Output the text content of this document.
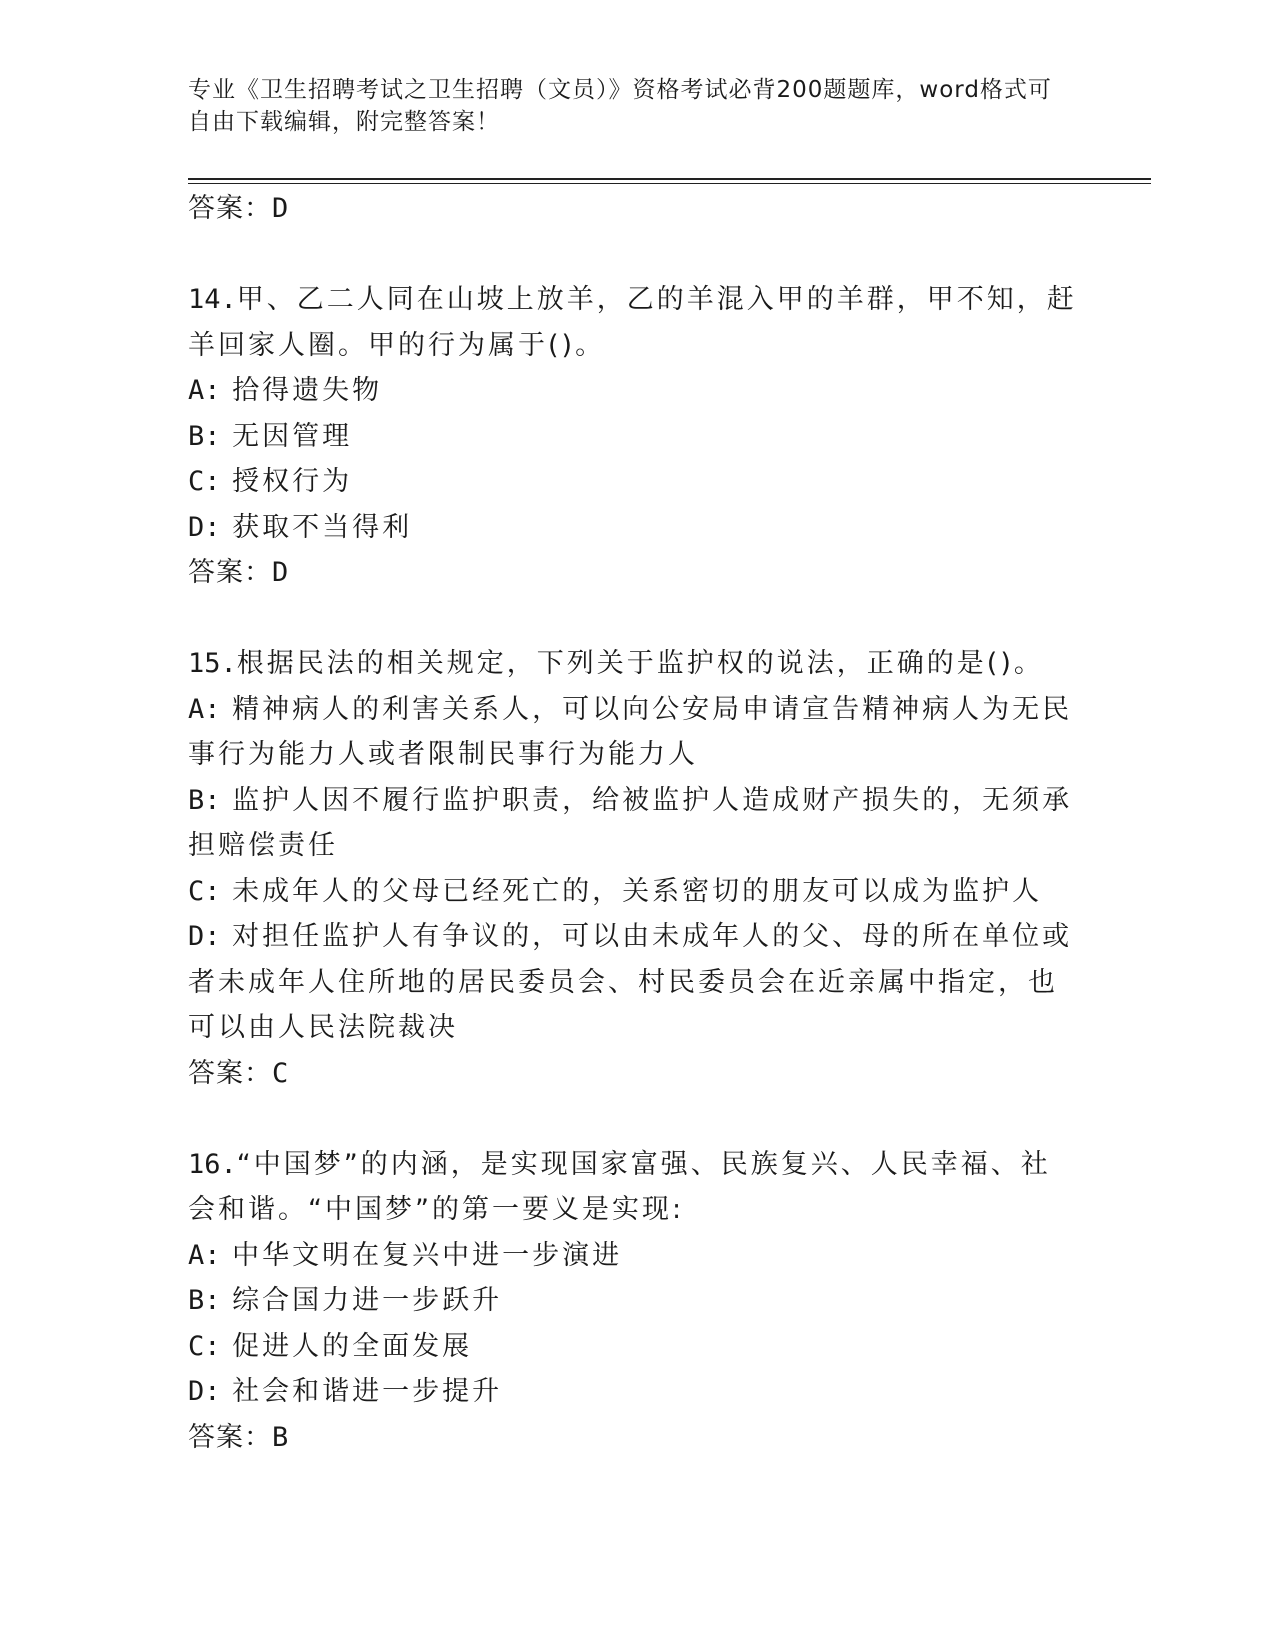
专业《卫生招聘考试之卫生招聘（文员）》资格考试必背200题题库，word格式可自由下载编辑，附完整答案！
答案：D
14.甲、乙二人同在山坡上放羊，乙的羊混入甲的羊群，甲不知，赶羊回家人圈。甲的行为属于()。
A: 拾得遗失物
B: 无因管理
C: 授权行为
D: 获取不当得利
答案：D
15.根据民法的相关规定，下列关于监护权的说法，正确的是()。
A: 精神病人的利害关系人，可以向公安局申请宣告精神病人为无民事行为能力人或者限制民事行为能力人
B: 监护人因不履行监护职责，给被监护人造成财产损失的，无须承担赔偿责任
C: 未成年人的父母已经死亡的，关系密切的朋友可以成为监护人
D: 对担任监护人有争议的，可以由未成年人的父、母的所在单位或者未成年人住所地的居民委员会、村民委员会在近亲属中指定，也可以由人民法院裁决
答案：C
16.“中国梦”的内涵，是实现国家富强、民族复兴、人民幸福、社会和谐。“中国梦”的第一要义是实现:
A: 中华文明在复兴中进一步演进
B: 综合国力进一步跃升
C: 促进人的全面发展
D: 社会和谐进一步提升
答案：B
